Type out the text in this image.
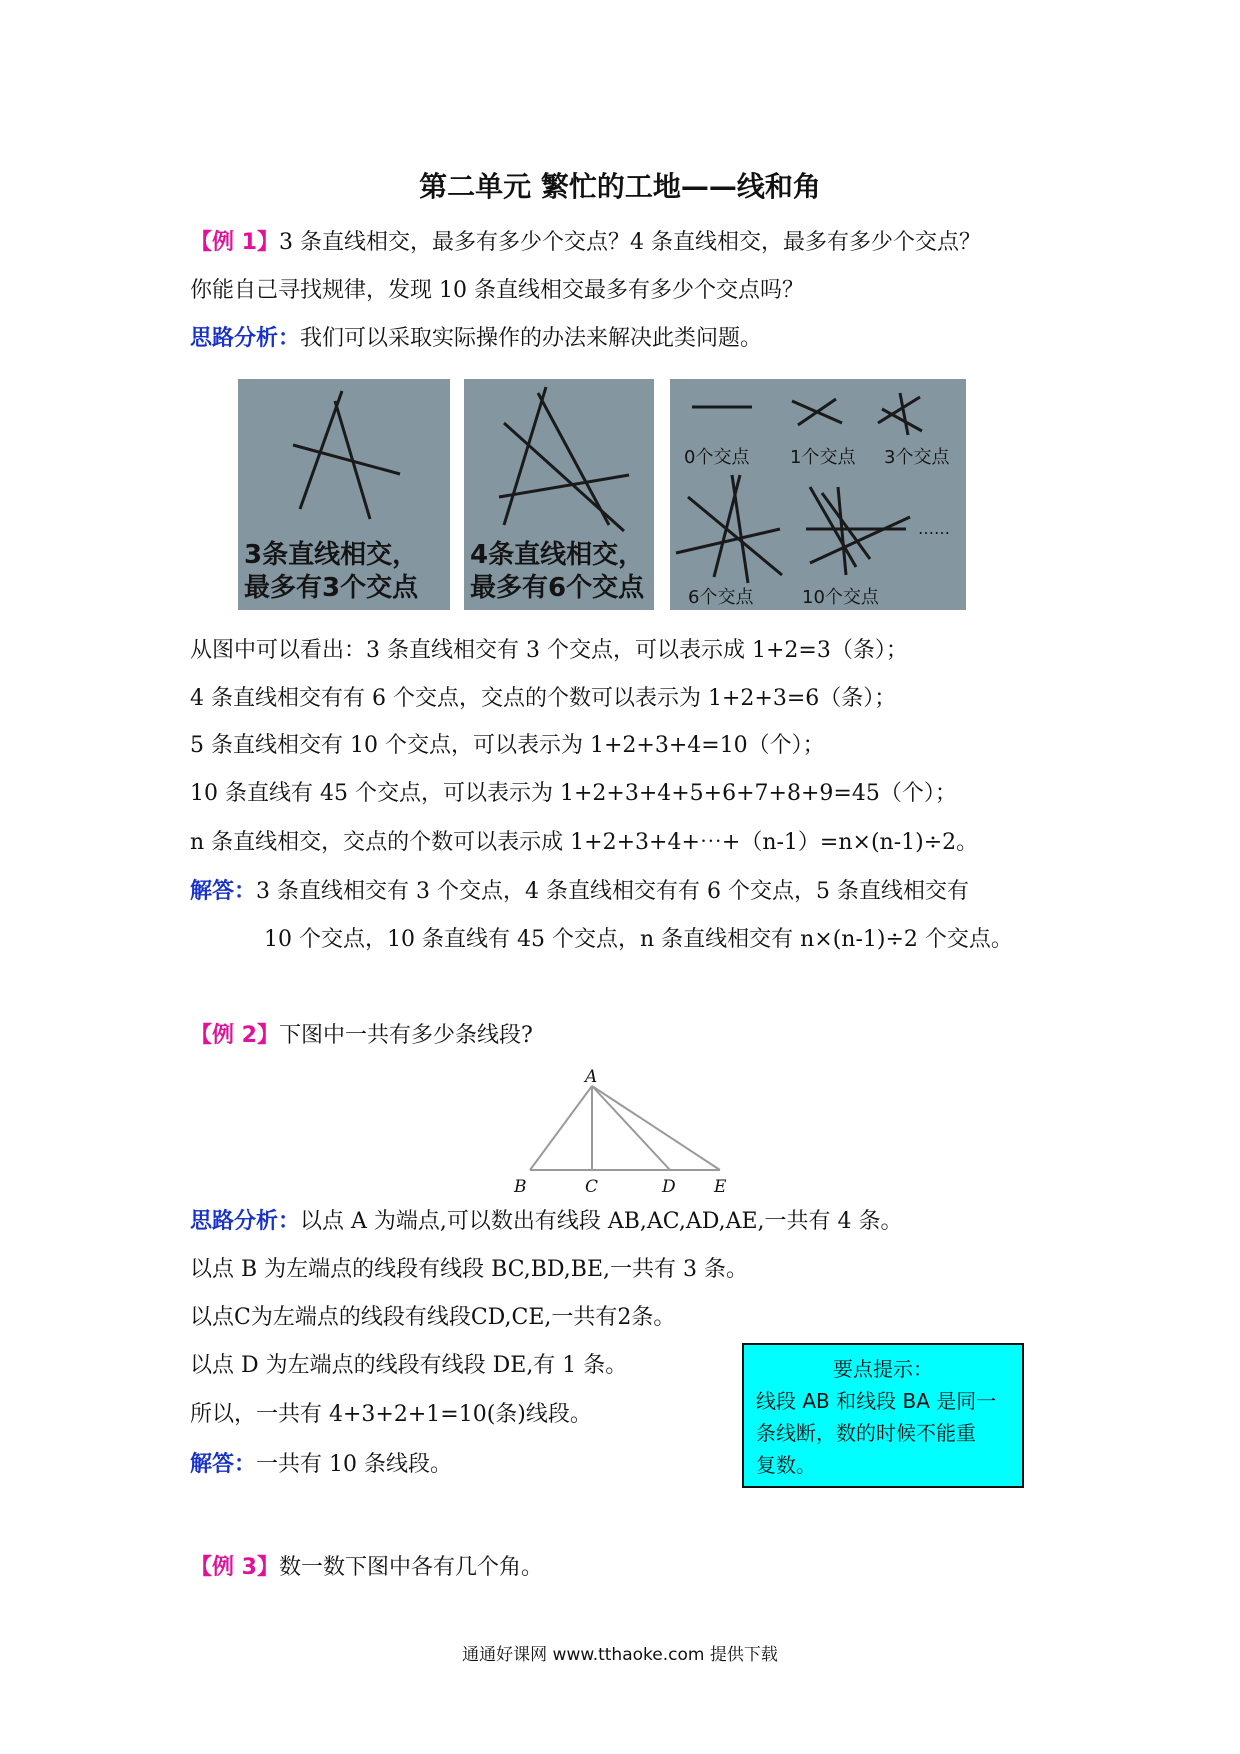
第二单元 繁忙的工地——线和角
【例 1】3 条直线相交，最多有多少个交点？4 条直线相交，最多有多少个交点？
你能自己寻找规律，发现 10 条直线相交最多有多少个交点吗？
思路分析：我们可以采取实际操作的办法来解决此类问题。
3条直线相交，
最多有3个交点
4条直线相交，
最多有6个交点
0个交点 1个交点 3个交点
6个交点	10个交点
……
从图中可以看出：3 条直线相交有 3 个交点，可以表示成 1+2=3（条）；
4 条直线相交有有 6 个交点，交点的个数可以表示为 1+2+3=6（条）；
5 条直线相交有 10 个交点，可以表示为 1+2+3+4=10（个）；
10 条直线有 45 个交点，可以表示为 1+2+3+4+5+6+7+8+9=45（个）；
n 条直线相交，交点的个数可以表示成 1+2+3+4+⋯+（n-1）=n×(n-1)÷2。
解答：3 条直线相交有 3 个交点，4 条直线相交有有 6 个交点，5 条直线相交有
10 个交点，10 条直线有 45 个交点，n 条直线相交有 n×(n-1)÷2 个交点。
【例 2】下图中一共有多少条线段?
A
B	C	D E
思路分析：以点 A 为端点,可以数出有线段 AB,AC,AD,AE,一共有 4 条。
以点 B 为左端点的线段有线段 BC,BD,BE,一共有 3 条。
以点C为左端点的线段有线段CD,CE,一共有2条。
以点 D 为左端点的线段有线段 DE,有 1 条。
所以，一共有 4+3+2+1=10(条)线段。
解答：一共有 10 条线段。
要点提示：
线段 AB 和线段 BA 是同一
条线断，数的时候不能重
复数。
【例 3】数一数下图中各有几个角。
通通好课网 www.tthaoke.com 提供下载
